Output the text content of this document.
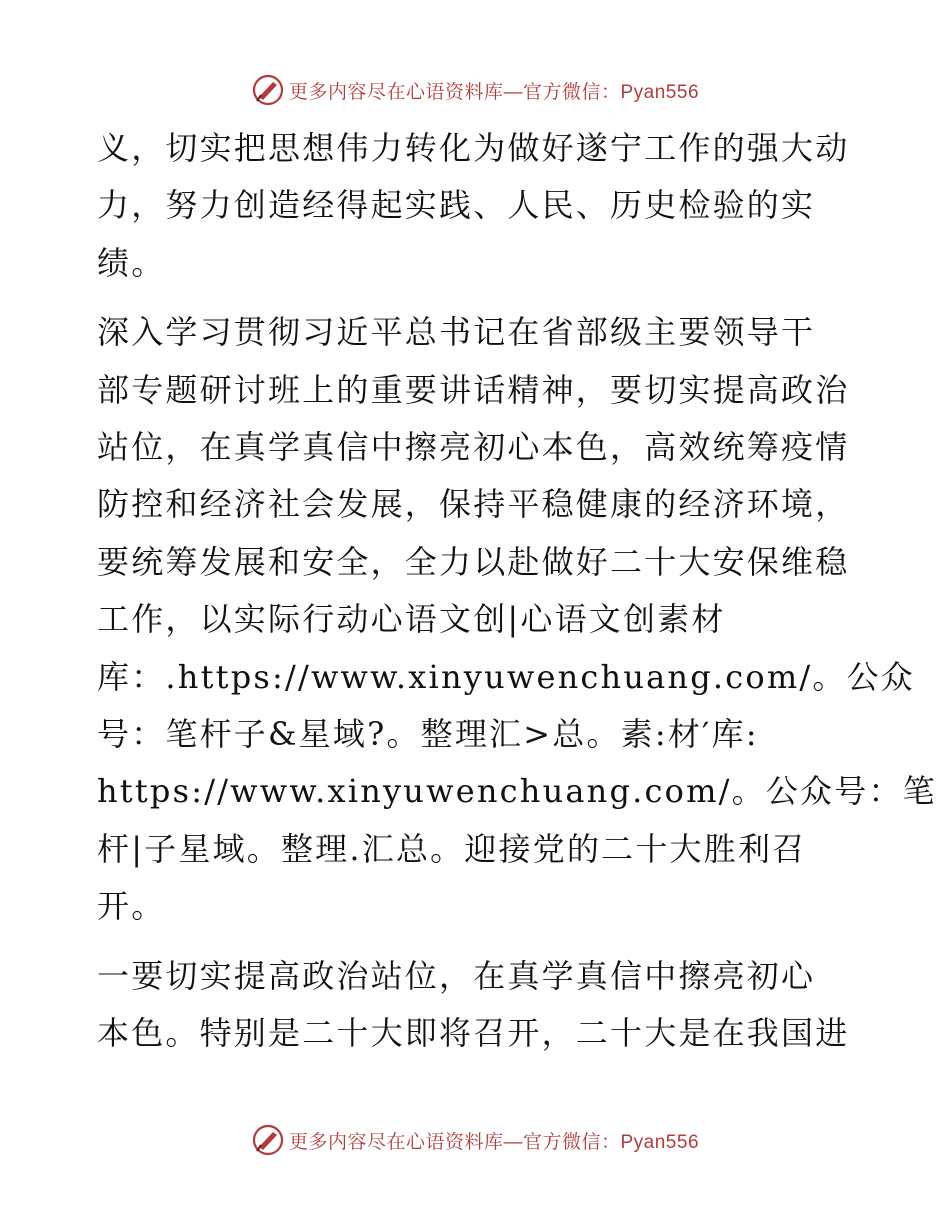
更多内容尽在心语资料库 —官方微信：Pyan556

义，切实把思想伟力转化为做好遂宁工作的强大动
力，努力创造经得起实践、人民、历史检验的实
绩。

深入学习贯彻习近平总书记在省部级主要领导干
部专题研讨班上的重要讲话精神，要切实提高政治
站位，在真学真信中擦亮初心本色，高效统筹疫情
防控和经济社会发展，保持平稳健康的经济环境，
要统筹发展和安全，全力以赴做好二十大安保维稳
工作，以实际行动心语文创|心语文创素材
库：.https://www.xinyuwenchuang.com/。公众
号：笔杆子&星域?。整理汇>总。素:材′库:
https://www.xinyuwenchuang.com/。公众号：笔
杆|子星域。整理.汇总。迎接党的二十大胜利召
开。

一要切实提高政治站位，在真学真信中擦亮初心
本色。特别是二十大即将召开，二十大是在我国进

更多内容尽在心语资料库 —官方微信：Pyan556
